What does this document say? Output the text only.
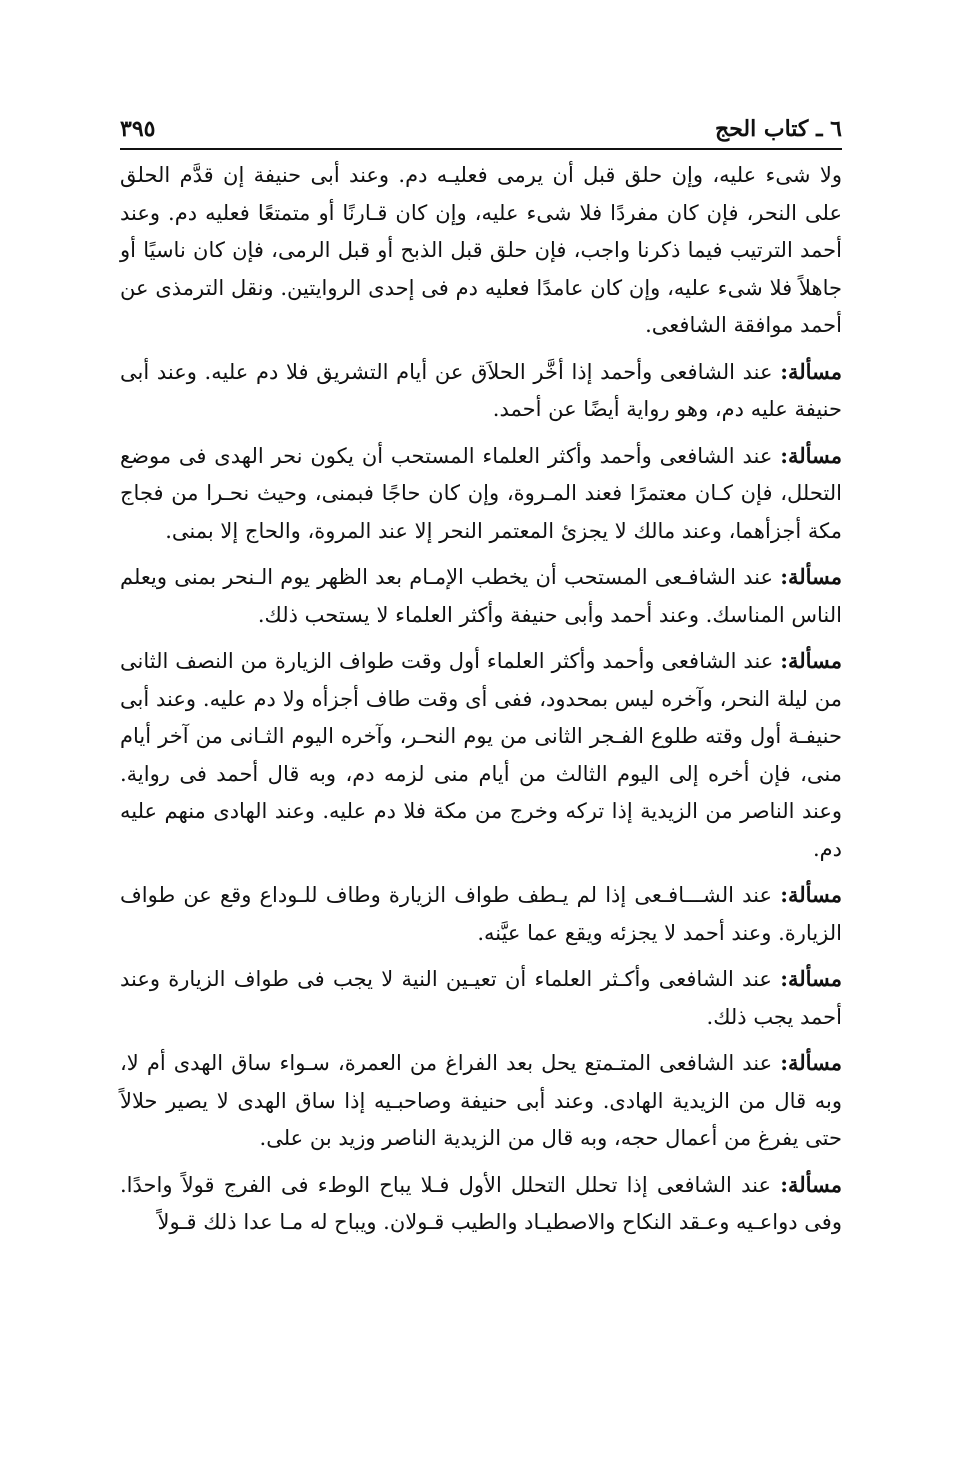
٣٩٥	٦ ـ كتاب الحج

ولا شىء عليه، وإن حلق قبل أن يرمى فعليـه دم. وعند أبى حنيفة إن قدَّم الحلق على النحر، فإن كان مفردًا فلا شىء عليه، وإن كان قـارنًا أو متمتعًا فعليه دم. وعند أحمد الترتيب فيما ذكرنا واجب، فإن حلق قبل الذبح أو قبل الرمى، فإن كان ناسيًا أو جاهلاً فلا شىء عليه، وإن كان عامدًا فعليه دم فى إحدى الروايتين. ونقل الترمذى عن أحمد موافقة الشافعى.

مسألة: عند الشافعى وأحمد إذا أخَّر الحلاَق عن أيام التشريق فلا دم عليه. وعند أبى حنيفة عليه دم، وهو رواية أيضًا عن أحمد.

مسألة: عند الشافعى وأحمد وأكثر العلماء المستحب أن يكون نحر الهدى فى موضع التحلل، فإن كـان معتمرًا فعند المـروة، وإن كان حاجًا فبمنى، وحيث نحـرا من فجاج مكة أجزأهما، وعند مالك لا يجزئ المعتمر النحر إلا عند المروة، والحاج إلا بمنى.

مسألة: عند الشافـعى المستحب أن يخطب الإمـام بعد الظهر يوم الـنحر بمنى ويعلم الناس المناسك. وعند أحمد وأبى حنيفة وأكثر العلماء لا يستحب ذلك.

مسألة: عند الشافعى وأحمد وأكثر العلماء أول وقت طواف الزيارة من النصف الثانى من ليلة النحر، وآخره ليس بمحدود، ففى أى وقت طاف أجزأه ولا دم عليه. وعند أبى حنيفـة أول وقته طلوع الفـجر الثانى من يوم النحـر، وآخره اليوم الثـانى من آخر أيام منى، فإن أخره إلى اليوم الثالث من أيام منى لزمه دم، وبه قال أحمد فى رواية. وعند الناصر من الزيدية إذا تركه وخرج من مكة فلا دم عليه. وعند الهادى منهم عليه دم.

مسألة: عند الشـــافـعى إذا لم يـطف طواف الزيارة وطاف للـوداع وقع عن طواف الزيارة. وعند أحمد لا يجزئه ويقع عما عيَّنه.

مسألة: عند الشافعى وأكـثر العلماء أن تعيـين النية لا يجب فى طواف الزيارة وعند أحمد يجب ذلك.

مسألة: عند الشافعى المتـمتع يحل بعد الفراغ من العمرة، سـواء ساق الهدى أم لا، وبه قال من الزيدية الهادى. وعند أبى حنيفة وصاحبـيه إذا ساق الهدى لا يصير حلالاً حتى يفرغ من أعمال حجه، وبه قال من الزيدية الناصر وزيد بن على.

مسألة: عند الشافعى إذا تحلل التحلل الأول فـلا يباح الوطء فى الفرج قولاً واحدًا. وفى دواعـيه وعـقد النكاح والاصطيـاد والطيب قـولان. ويباح له مـا عدا ذلك قـولاً
